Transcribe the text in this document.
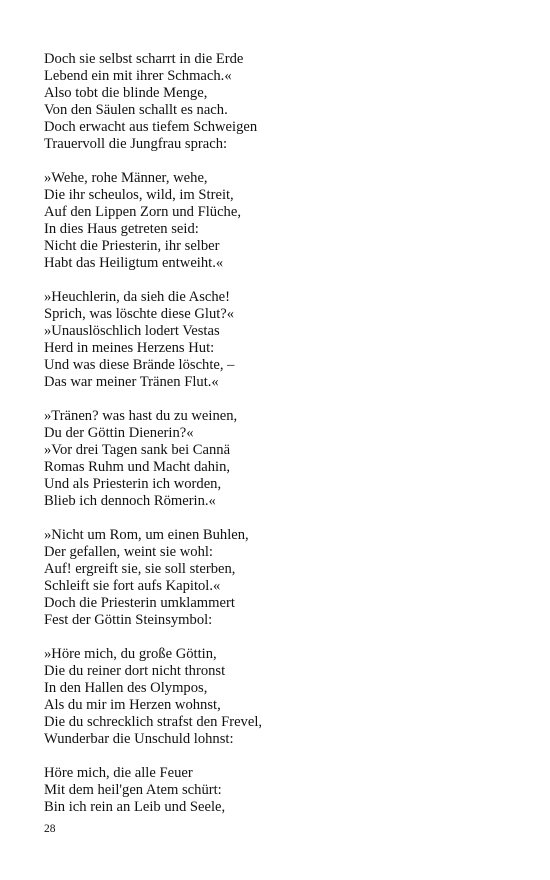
Doch sie selbst scharrt in die Erde
Lebend ein mit ihrer Schmach.«
Also tobt die blinde Menge,
Von den Säulen schallt es nach.
Doch erwacht aus tiefem Schweigen
Trauervoll die Jungfrau sprach:
»Wehe, rohe Männer, wehe,
Die ihr scheulos, wild, im Streit,
Auf den Lippen Zorn und Flüche,
In dies Haus getreten seid:
Nicht die Priesterin, ihr selber
Habt das Heiligtum entweiht.«
»Heuchlerin, da sieh die Asche!
Sprich, was löschte diese Glut?«
»Unauslöschlich lodert Vestas
Herd in meines Herzens Hut:
Und was diese Brände löschte, –
Das war meiner Tränen Flut.«
»Tränen? was hast du zu weinen,
Du der Göttin Dienerin?«
»Vor drei Tagen sank bei Cannä
Romas Ruhm und Macht dahin,
Und als Priesterin ich worden,
Blieb ich dennoch Römerin.«
»Nicht um Rom, um einen Buhlen,
Der gefallen, weint sie wohl:
Auf! ergreift sie, sie soll sterben,
Schleift sie fort aufs Kapitol.«
Doch die Priesterin umklammert
Fest der Göttin Steinsymbol:
»Höre mich, du große Göttin,
Die du reiner dort nicht thronst
In den Hallen des Olympos,
Als du mir im Herzen wohnst,
Die du schrecklich strafst den Frevel,
Wunderbar die Unschuld lohnst:
Höre mich, die alle Feuer
Mit dem heil'gen Atem schürt:
Bin ich rein an Leib und Seele,
28
